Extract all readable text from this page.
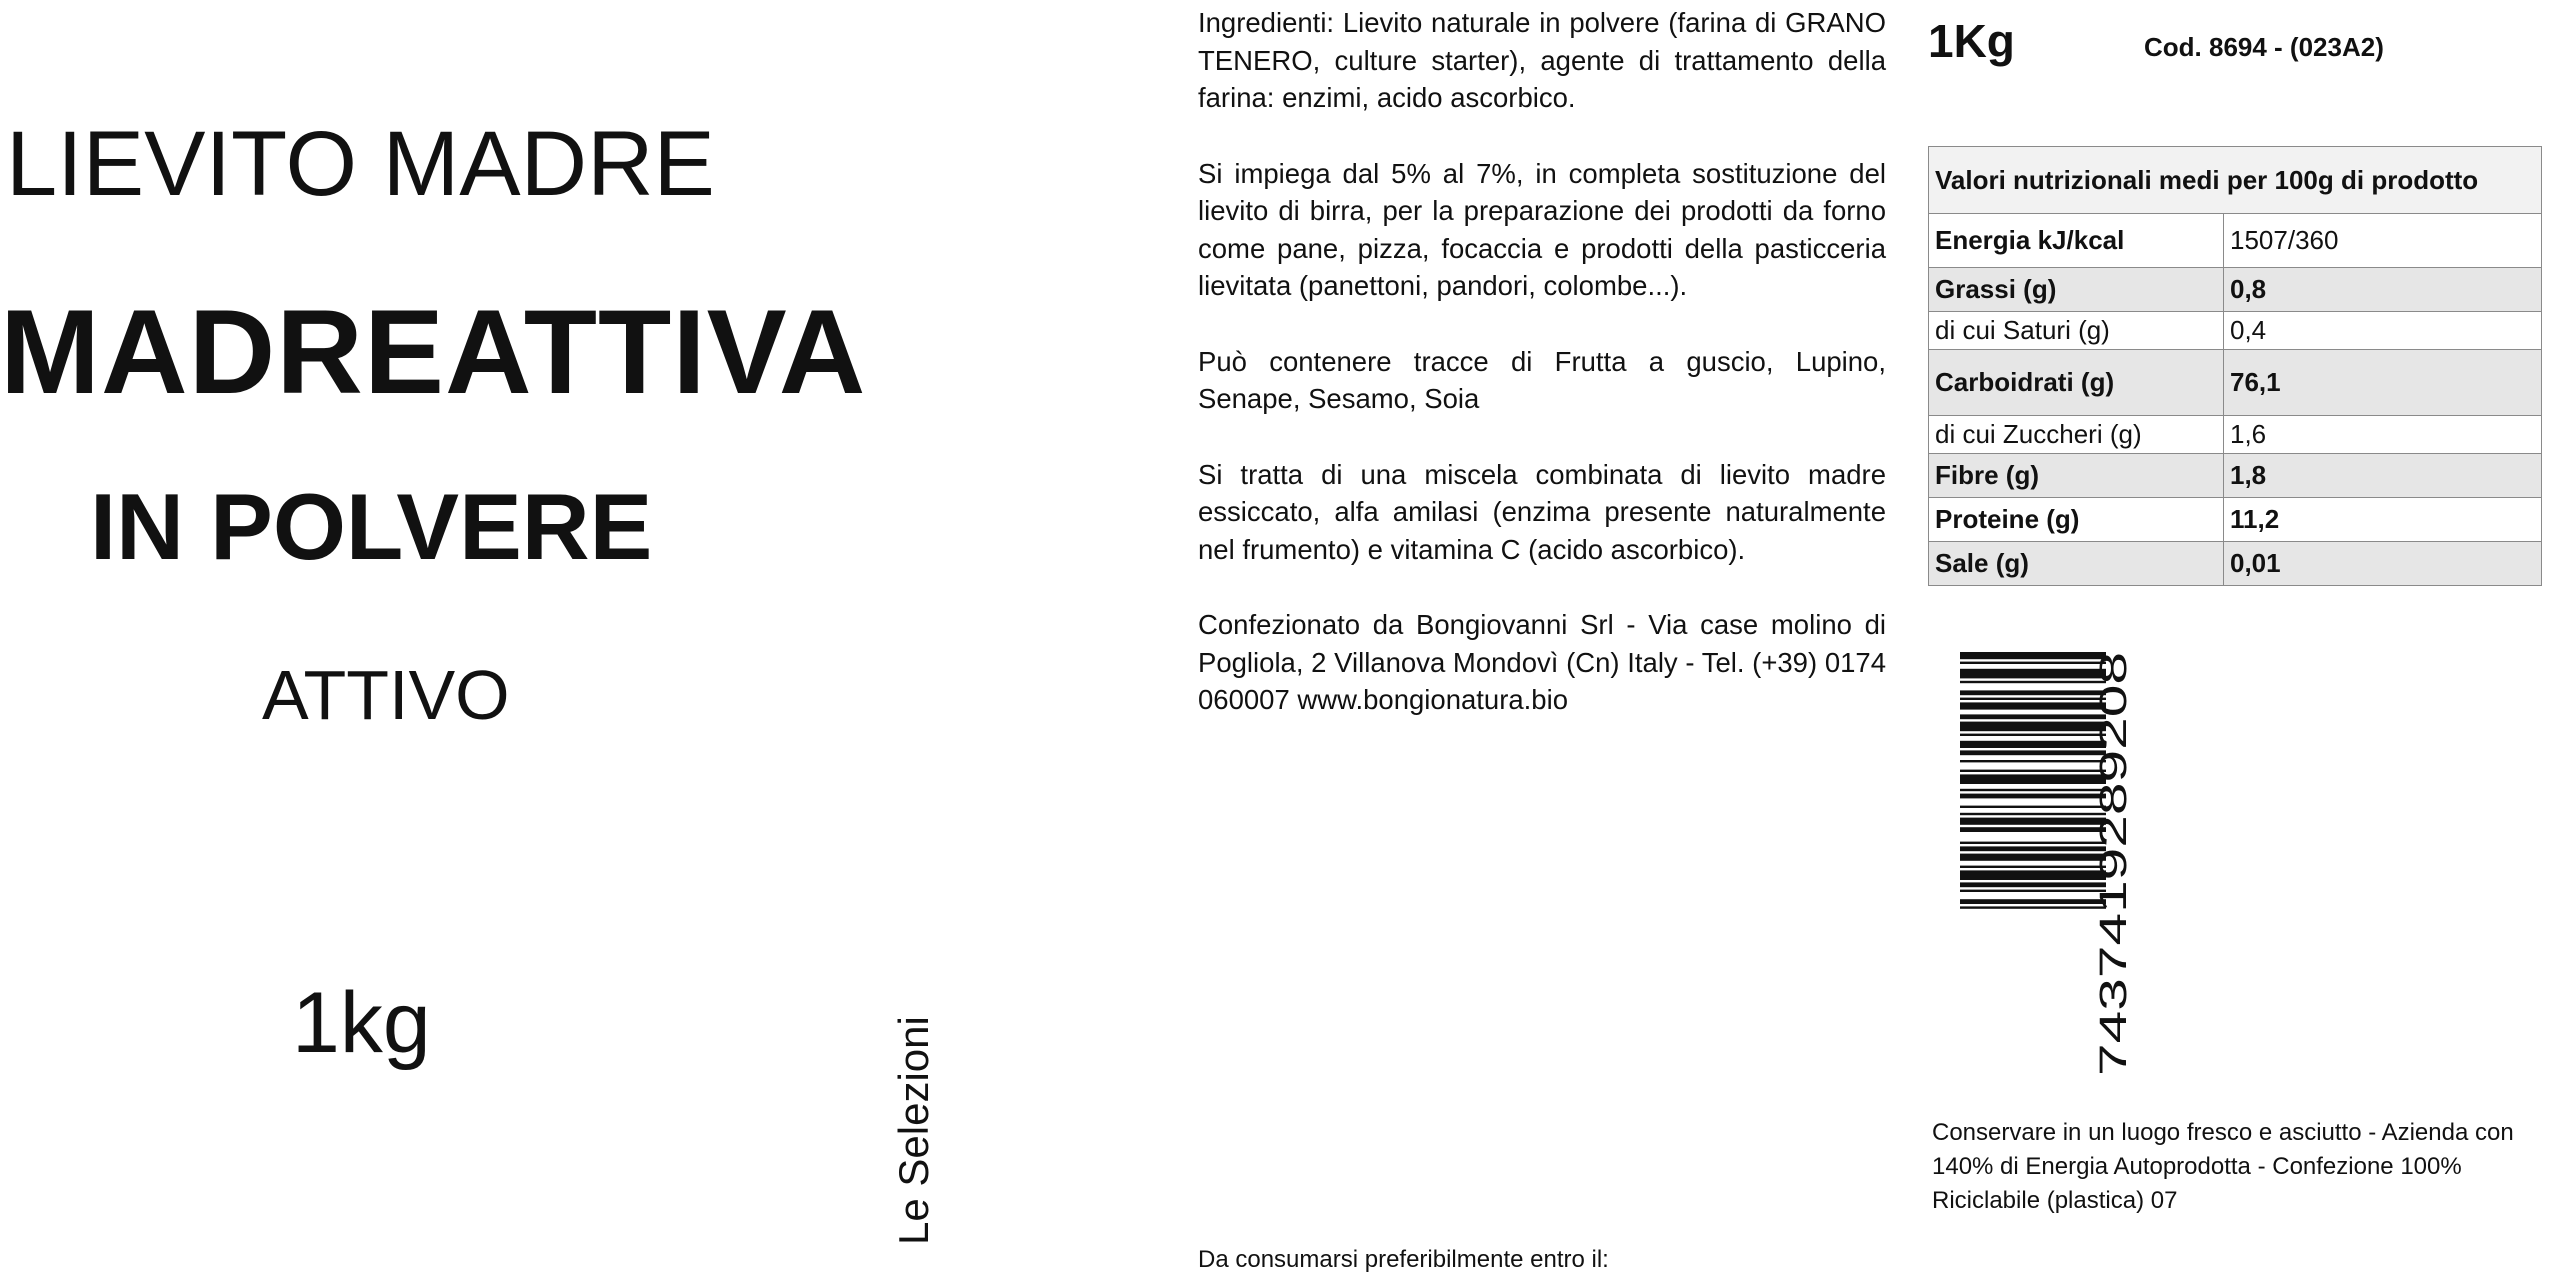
LIEVITO MADRE
MADREATTIVA
IN POLVERE
ATTIVO
1kg	Le Selezioni

Ingredienti: Lievito naturale in polvere (farina di GRANO TENERO, culture starter), agente di trattamento della farina: enzimi, acido ascorbico.

Si impiega dal 5% al 7%, in completa sostituzione del lievito di birra, per la preparazione dei prodotti da forno come pane, pizza, focaccia e prodotti della pasticceria lievitata (panettoni, pandori, colombe...).

Può contenere tracce di Frutta a guscio, Lupino, Senape, Sesamo, Soia

Si tratta di una miscela combinata di lievito madre essiccato, alfa amilasi (enzima presente naturalmente nel frumento) e vitamina C (acido ascorbico).

Confezionato da Bongiovanni Srl - Via case molino di Pogliola, 2 Villanova Mondovì (Cn) Italy - Tel. (+39) 0174 060007 www.bongionatura.bio

Da consumarsi preferibilmente entro il:
1Kg	Cod. 8694 - (023A2)
Valori nutrizionali medi per 100g di prodotto	
Energia kJ/kcal	1507/360
Grassi (g)	0,8
di cui Saturi (g)	0,4
Carboidrati (g)	76,1
di cui Zuccheri (g)	1,6
Fibre (g)	1,8
Proteine (g)	11,2
Sale (g)	0,01
7437419289208
Conservare in un luogo fresco e asciutto - Azienda con 140% di Energia Autoprodotta - Confezione 100% Riciclabile (plastica) 07
